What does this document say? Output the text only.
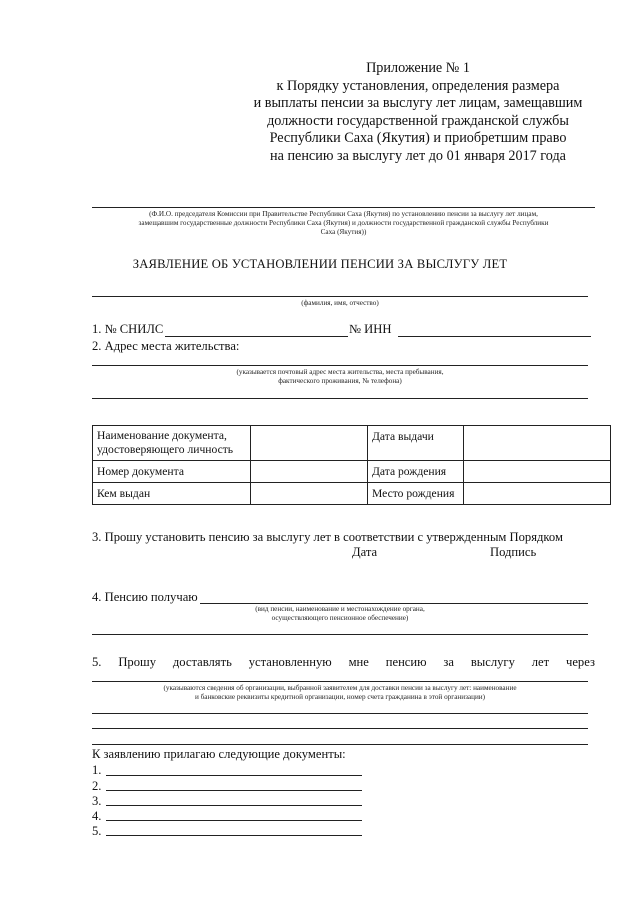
Приложение № 1
к Порядку установления, определения размера
и выплаты пенсии за выслугу лет лицам, замещавшим
должности государственной гражданской службы
Республики Саха (Якутия) и приобретшим право
на пенсию за выслугу лет до 01 января 2017 года
(Ф.И.О. председателя Комиссии при Правительстве Республики Саха (Якутия) по установлению пенсии за выслугу лет лицам,
замещавшим государственные должности Республики Саха (Якутия) и должности государственной гражданской службы Республики
Саха (Якутия))
ЗАЯВЛЕНИЕ ОБ УСТАНОВЛЕНИИ ПЕНСИИ ЗА ВЫСЛУГУ ЛЕТ
(фамилия, имя, отчество)
1. № СНИЛС	№ ИНН
2. Адрес места жительства:
(указывается почтовый адрес места жительства, места пребывания,
фактического проживания, № телефона)
Наименование документа, удостоверяющего личность		Дата выдачи	
Номер документа		Дата рождения	
Кем выдан		Место рождения	
3. Прошу установить пенсию за выслугу лет в соответствии с утвержденным Порядком
Дата	Подпись
4. Пенсию получаю
(вид пенсии, наименование и местонахождение органа,
осуществляющего пенсионное обеспечение)
5. Прошу доставлять установленную мне пенсию за выслугу лет через
(указываются сведения об организации, выбранной заявителем для доставки пенсии за выслугу лет: наименование
и банковские реквизиты кредитной организации, номер счета гражданина в этой организации)
К заявлению прилагаю следующие документы:
1.
2.
3.
4.
5.
